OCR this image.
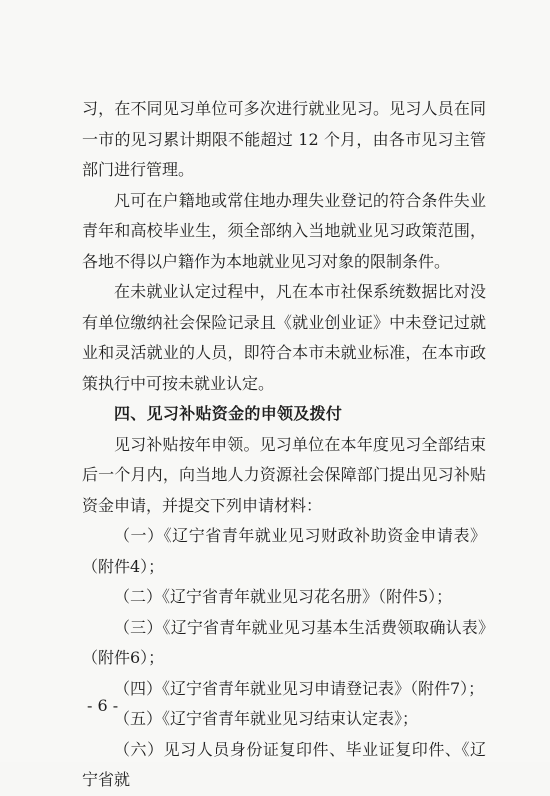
习，在不同见习单位可多次进行就业见习。见习人员在同一市的见习累计期限不能超过 12 个月，由各市见习主管部门进行管理。

凡可在户籍地或常住地办理失业登记的符合条件失业青年和高校毕业生，须全部纳入当地就业见习政策范围，各地不得以户籍作为本地就业见习对象的限制条件。

在未就业认定过程中，凡在本市社保系统数据比对没有单位缴纳社会保险记录且《就业创业证》中未登记过就业和灵活就业的人员，即符合本市未就业标准，在本市政策执行中可按未就业认定。

四、见习补贴资金的申领及拨付

见习补贴按年申领。见习单位在本年度见习全部结束后一个月内，向当地人力资源社会保障部门提出见习补贴资金申请，并提交下列申请材料：

（一）《辽宁省青年就业见习财政补助资金申请表》（附件4）；

（二）《辽宁省青年就业见习花名册》（附件5）；

（三）《辽宁省青年就业见习基本生活费领取确认表》（附件6）；

（四）《辽宁省青年就业见习申请登记表》（附件7）；

（五）《辽宁省青年就业见习结束认定表》；

（六）见习人员身份证复印件、毕业证复印件、《辽宁省就

- 6 -
